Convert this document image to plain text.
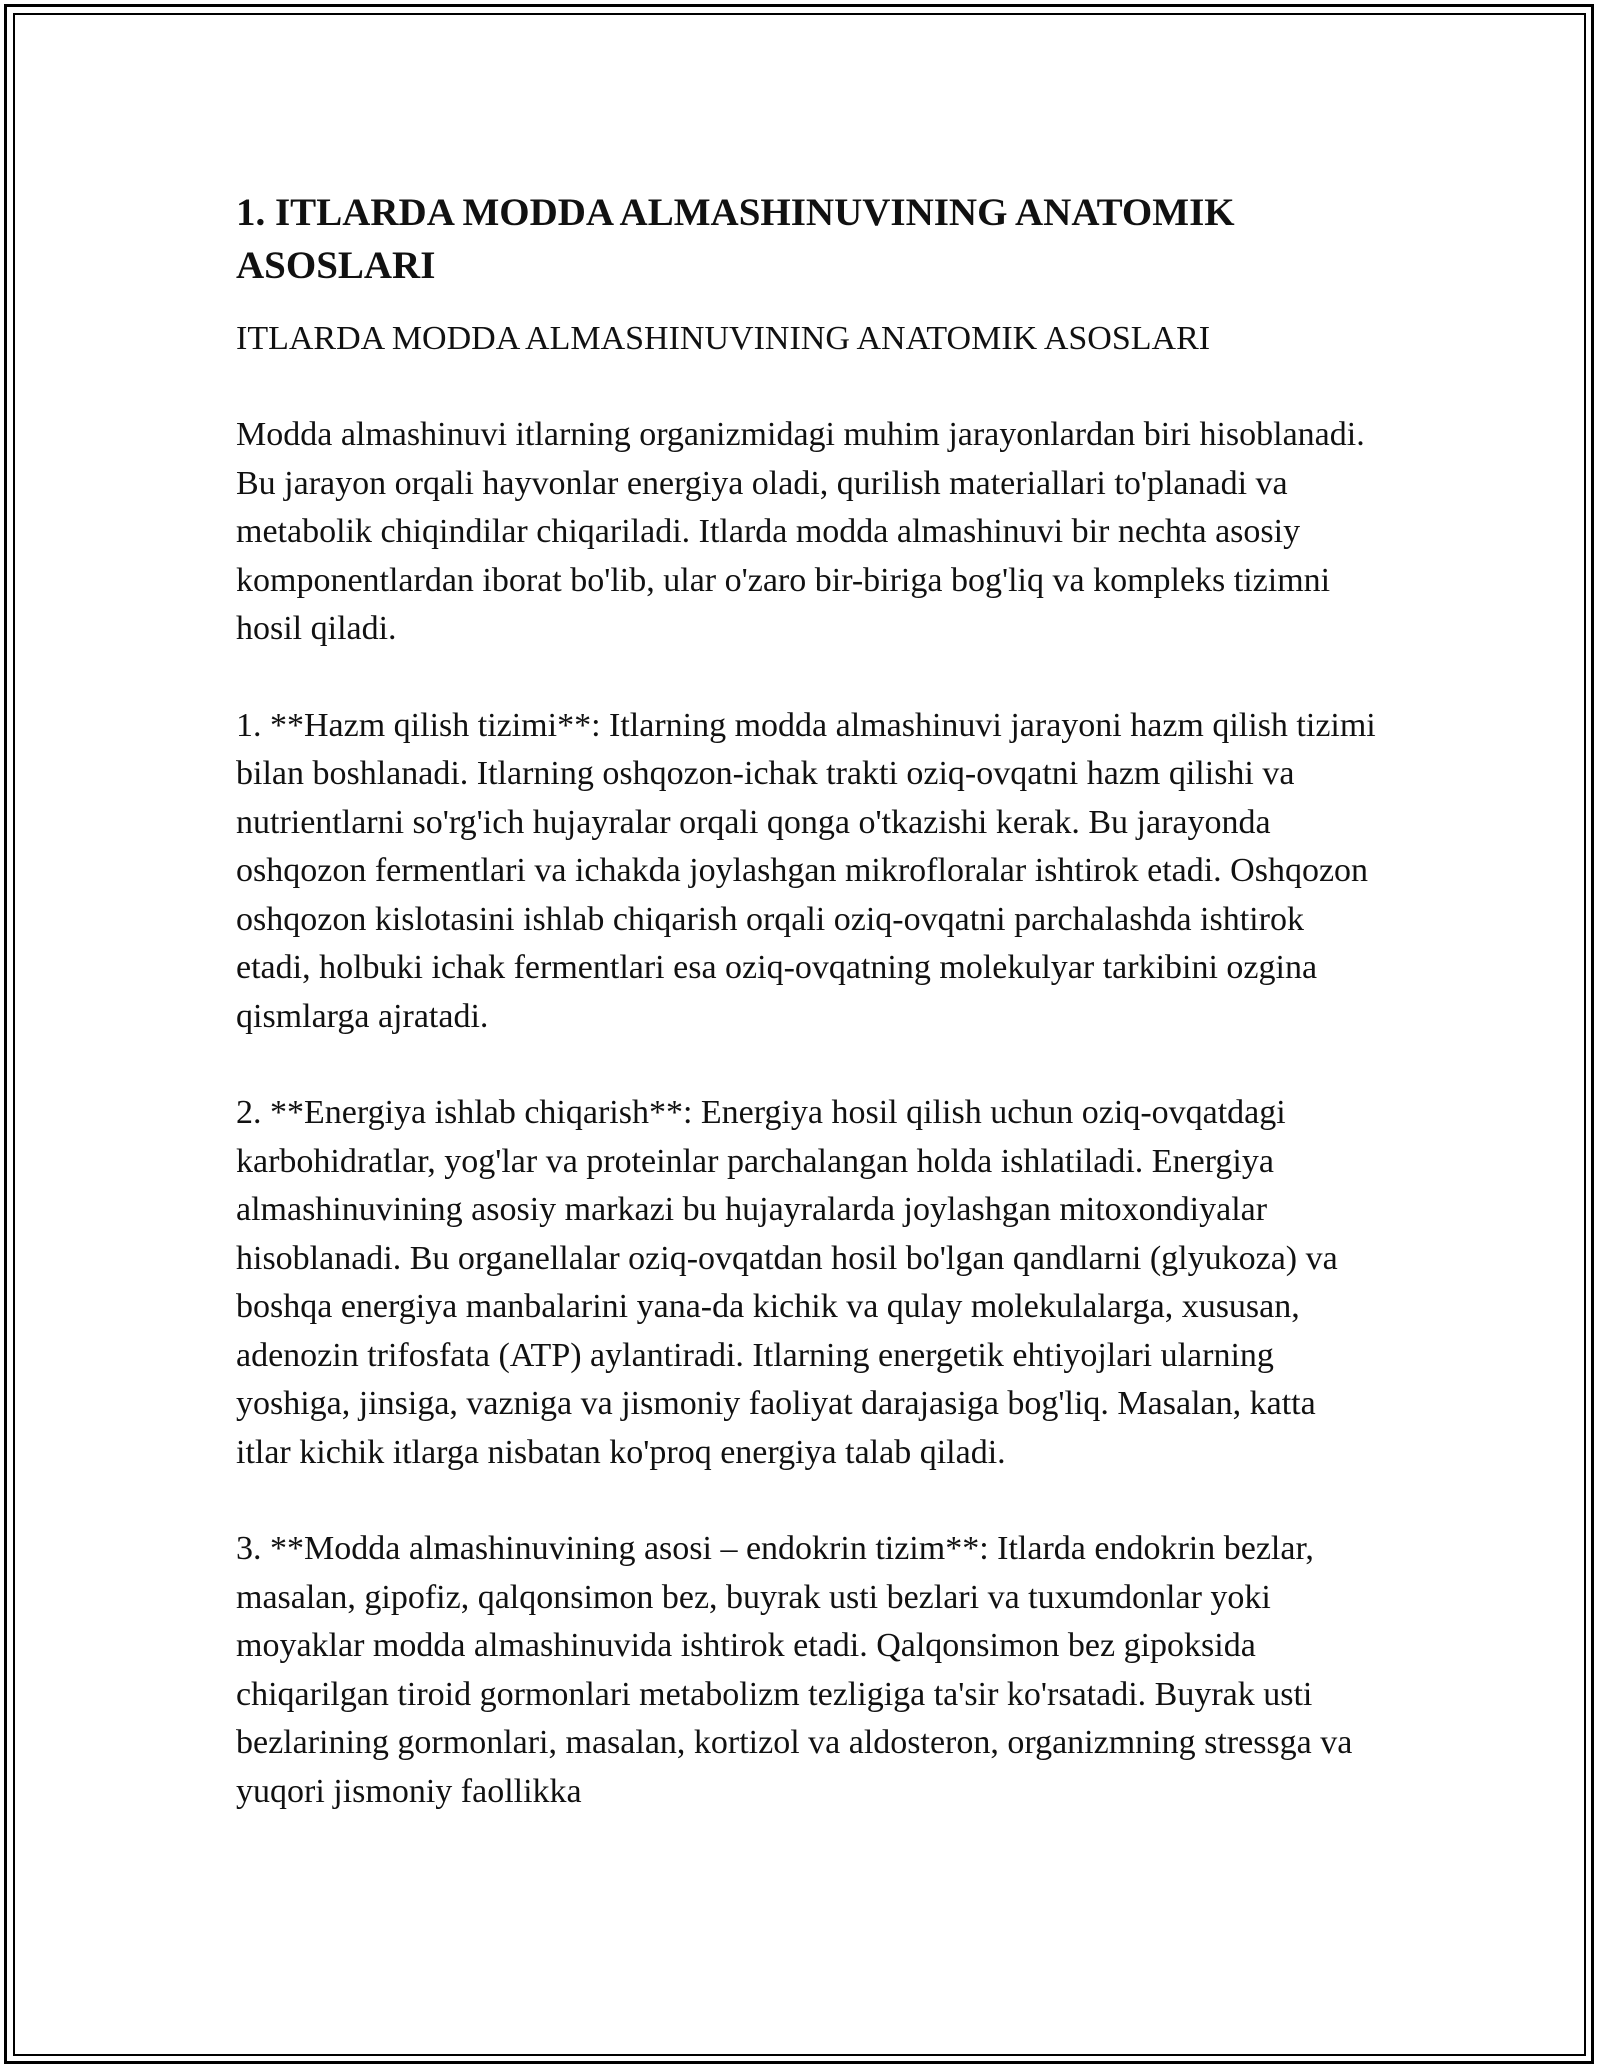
1. ITLARDA MODDA ALMASHINUVINING ANATOMIK ASOSLARI

ITLARDA MODDA ALMASHINUVINING ANATOMIK ASOSLARI

Modda almashinuvi itlarning organizmidagi muhim jarayonlardan biri hisoblanadi. Bu jarayon orqali hayvonlar energiya oladi, qurilish materiallari to'planadi va metabolik chiqindilar chiqariladi. Itlarda modda almashinuvi bir nechta asosiy komponentlardan iborat bo'lib, ular o'zaro bir-biriga bog'liq va kompleks tizimni hosil qiladi.

1. **Hazm qilish tizimi**: Itlarning modda almashinuvi jarayoni hazm qilish tizimi bilan boshlanadi. Itlarning oshqozon-ichak trakti oziq-ovqatni hazm qilishi va nutrientlarni so'rg'ich hujayralar orqali qonga o'tkazishi kerak. Bu jarayonda oshqozon fermentlari va ichakda joylashgan mikrofloralar ishtirok etadi. Oshqozon oshqozon kislotasini ishlab chiqarish orqali oziq-ovqatni parchalashda ishtirok etadi, holbuki ichak fermentlari esa oziq-ovqatning molekulyar tarkibini ozgina qismlarga ajratadi.

2. **Energiya ishlab chiqarish**: Energiya hosil qilish uchun oziq-ovqatdagi karbohidratlar, yog'lar va proteinlar parchalangan holda ishlatiladi. Energiya almashinuvining asosiy markazi bu hujayralarda joylashgan mitoxondiyalar hisoblanadi. Bu organellalar oziq-ovqatdan hosil bo'lgan qandlarni (glyukoza) va boshqa energiya manbalarini yana-da kichik va qulay molekulalarga, xususan, adenozin trifosfata (ATP) aylantiradi. Itlarning energetik ehtiyojlari ularning yoshiga, jinsiga, vazniga va jismoniy faoliyat darajasiga bog'liq. Masalan, katta itlar kichik itlarga nisbatan ko'proq energiya talab qiladi.

3. **Modda almashinuvining asosi – endokrin tizim**: Itlarda endokrin bezlar, masalan, gipofiz, qalqonsimon bez, buyrak usti bezlari va tuxumdonlar yoki moyaklar modda almashinuvida ishtirok etadi. Qalqonsimon bez gipoksida chiqarilgan tiroid gormonlari metabolizm tezligiga ta'sir ko'rsatadi. Buyrak usti bezlarining gormonlari, masalan, kortizol va aldosteron, organizmning stressga va yuqori jismoniy faollikka
